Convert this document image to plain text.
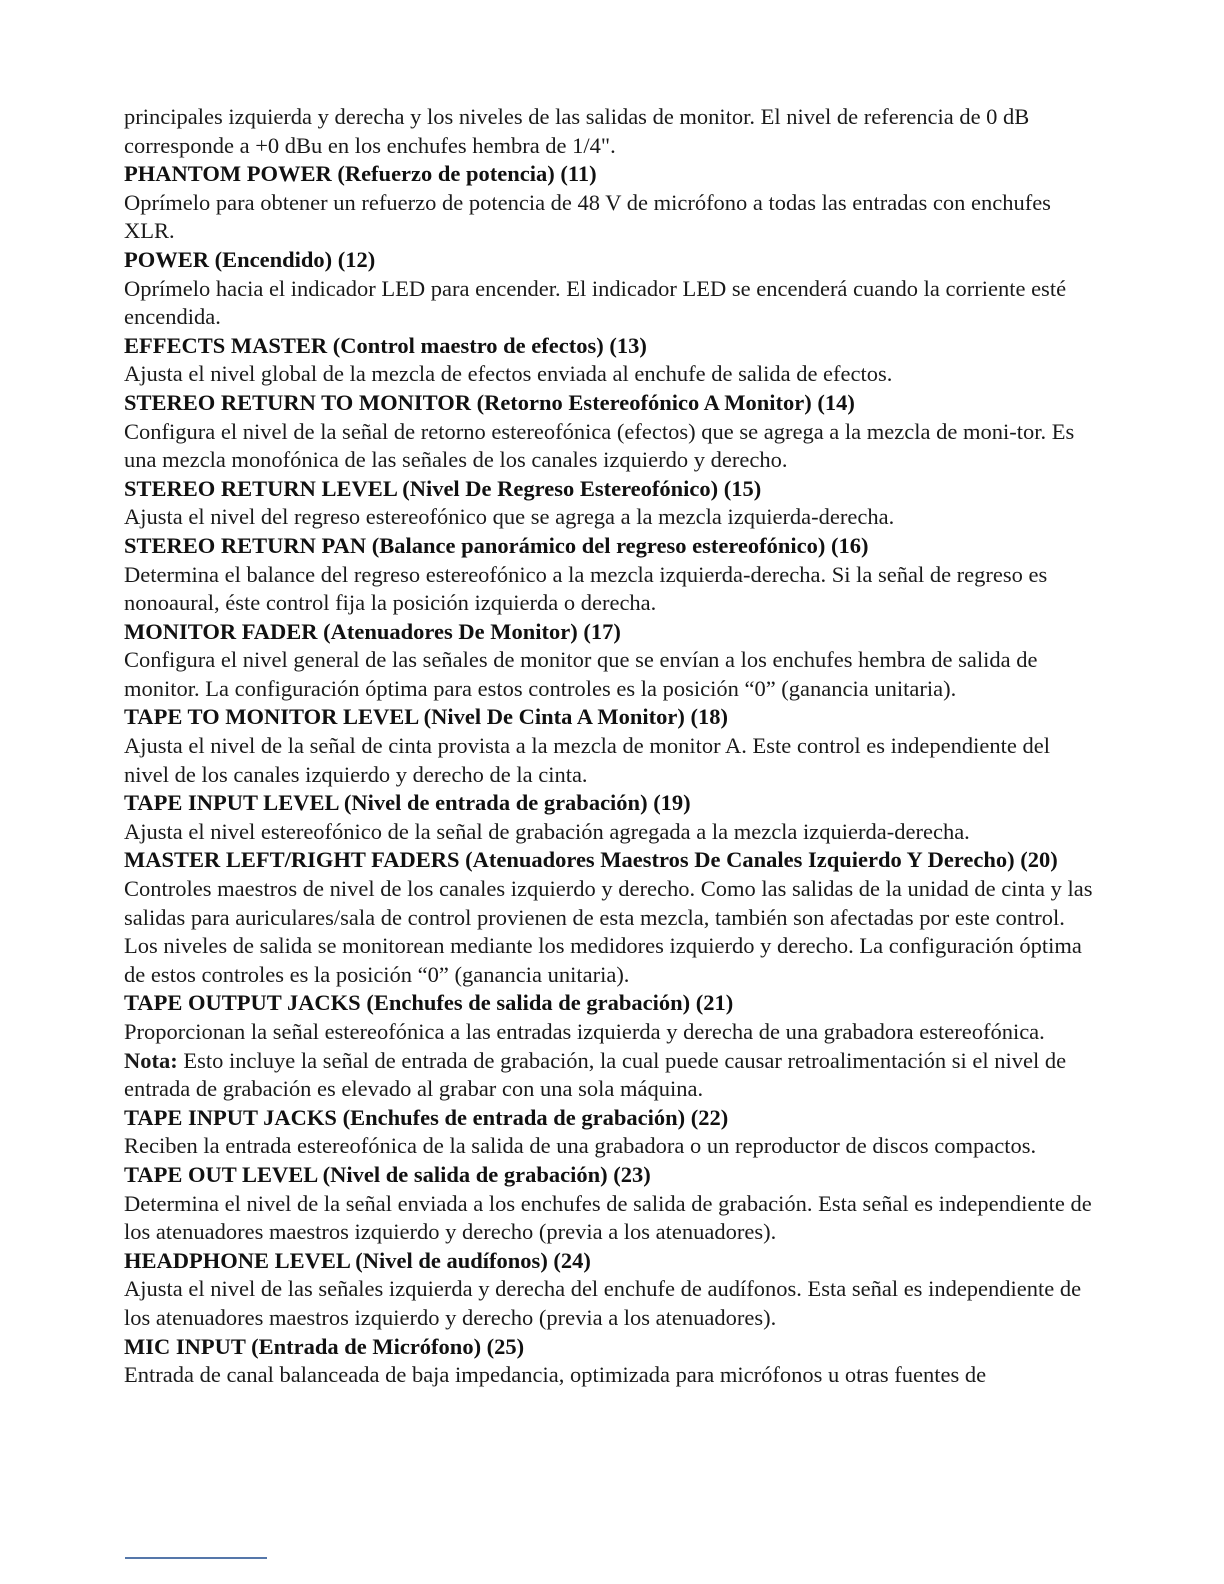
principales izquierda y derecha y los niveles de las salidas de monitor. El nivel de referencia de 0 dB corresponde a +0 dBu en los enchufes hembra de 1/4".

PHANTOM POWER (Refuerzo de potencia) (11)

Oprímelo para obtener un refuerzo de potencia de 48 V de micrófono a todas las entradas con enchufes XLR.

POWER (Encendido) (12)

Oprímelo hacia el indicador LED para encender. El indicador LED se encenderá cuando la corriente esté encendida.

EFFECTS MASTER (Control maestro de efectos) (13)

Ajusta el nivel global de la mezcla de efectos enviada al enchufe de salida de efectos.

STEREO RETURN TO MONITOR (Retorno Estereofónico A Monitor) (14)

Configura el nivel de la señal de retorno estereofónica (efectos) que se agrega a la mezcla de moni-tor. Es una mezcla monofónica de las señales de los canales izquierdo y derecho.

STEREO RETURN LEVEL (Nivel De Regreso Estereofónico) (15)

Ajusta el nivel del regreso estereofónico que se agrega a la mezcla izquierda-derecha.

STEREO RETURN PAN (Balance panorámico del regreso estereofónico) (16)

Determina el balance del regreso estereofónico a la mezcla izquierda-derecha. Si la señal de regreso es nonoaural, éste control fija la posición izquierda o derecha.

MONITOR FADER (Atenuadores De Monitor) (17)

Configura el nivel general de las señales de monitor que se envían a los enchufes hembra de salida de monitor. La configuración óptima para estos controles es la posición “0” (ganancia unitaria).

TAPE TO MONITOR LEVEL (Nivel De Cinta A Monitor) (18)

Ajusta el nivel de la señal de cinta provista a la mezcla de monitor A. Este control es independiente del nivel de los canales izquierdo y derecho de la cinta.

TAPE INPUT LEVEL (Nivel de entrada de grabación) (19)

Ajusta el nivel estereofónico de la señal de grabación agregada a la mezcla izquierda-derecha.

MASTER LEFT/RIGHT FADERS (Atenuadores Maestros De Canales Izquierdo Y Derecho) (20)

Controles maestros de nivel de los canales izquierdo y derecho. Como las salidas de la unidad de cinta y las salidas para auriculares/sala de control provienen de esta mezcla, también son afectadas por este control. Los niveles de salida se monitorean mediante los medidores izquierdo y derecho. La configuración óptima de estos controles es la posición “0” (ganancia unitaria).

TAPE OUTPUT JACKS (Enchufes de salida de grabación) (21)

Proporcionan la señal estereofónica a las entradas izquierda y derecha de una grabadora estereofónica.

Nota: Esto incluye la señal de entrada de grabación, la cual puede causar retroalimentación si el nivel de entrada de grabación es elevado al grabar con una sola máquina.

TAPE INPUT JACKS (Enchufes de entrada de grabación) (22)

Reciben la entrada estereofónica de la salida de una grabadora o un reproductor de discos compactos.

TAPE OUT LEVEL (Nivel de salida de grabación) (23)

Determina el nivel de la señal enviada a los enchufes de salida de grabación. Esta señal es independiente de los atenuadores maestros izquierdo y derecho (previa a los atenuadores).

HEADPHONE LEVEL (Nivel de audífonos) (24)

Ajusta el nivel de las señales izquierda y derecha del enchufe de audífonos. Esta señal es independiente de los atenuadores maestros izquierdo y derecho (previa a los atenuadores).

MIC INPUT (Entrada de Micrófono) (25)

Entrada de canal balanceada de baja impedancia, optimizada para micrófonos u otras fuentes de
